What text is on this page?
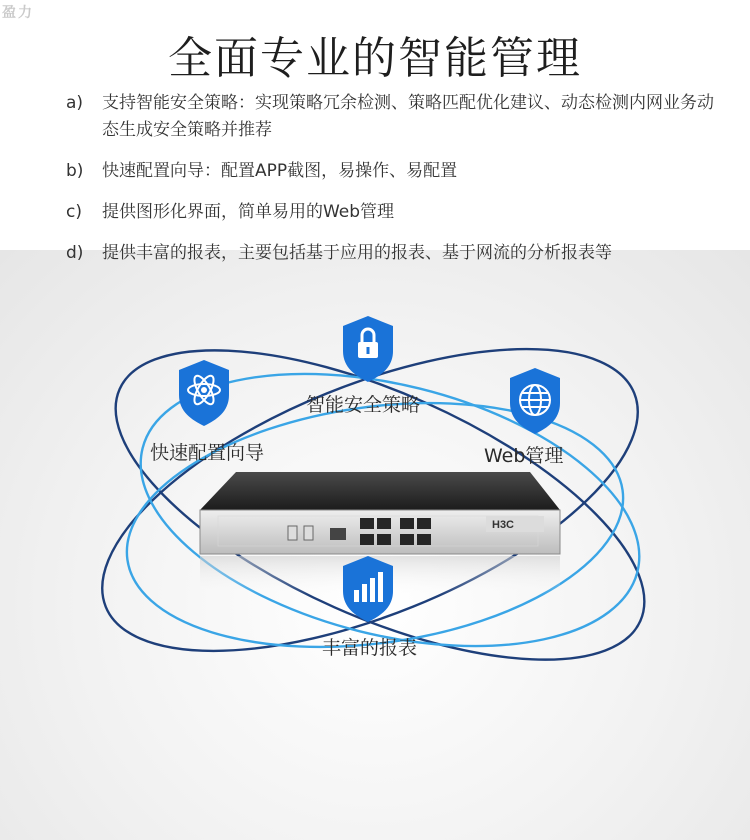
盈力
全面专业的智能管理
a)	支持智能安全策略：实现策略冗余检测、策略匹配优化建议、动态检测内网业务动态生成安全策略并推荐
b)	快速配置向导：配置APP截图，易操作、易配置
c)	提供图形化界面，简单易用的Web管理
d)	提供丰富的报表，主要包括基于应用的报表、基于网流的分析报表等
H3C
智能安全策略
快速配置向导	Web管理
丰富的报表
